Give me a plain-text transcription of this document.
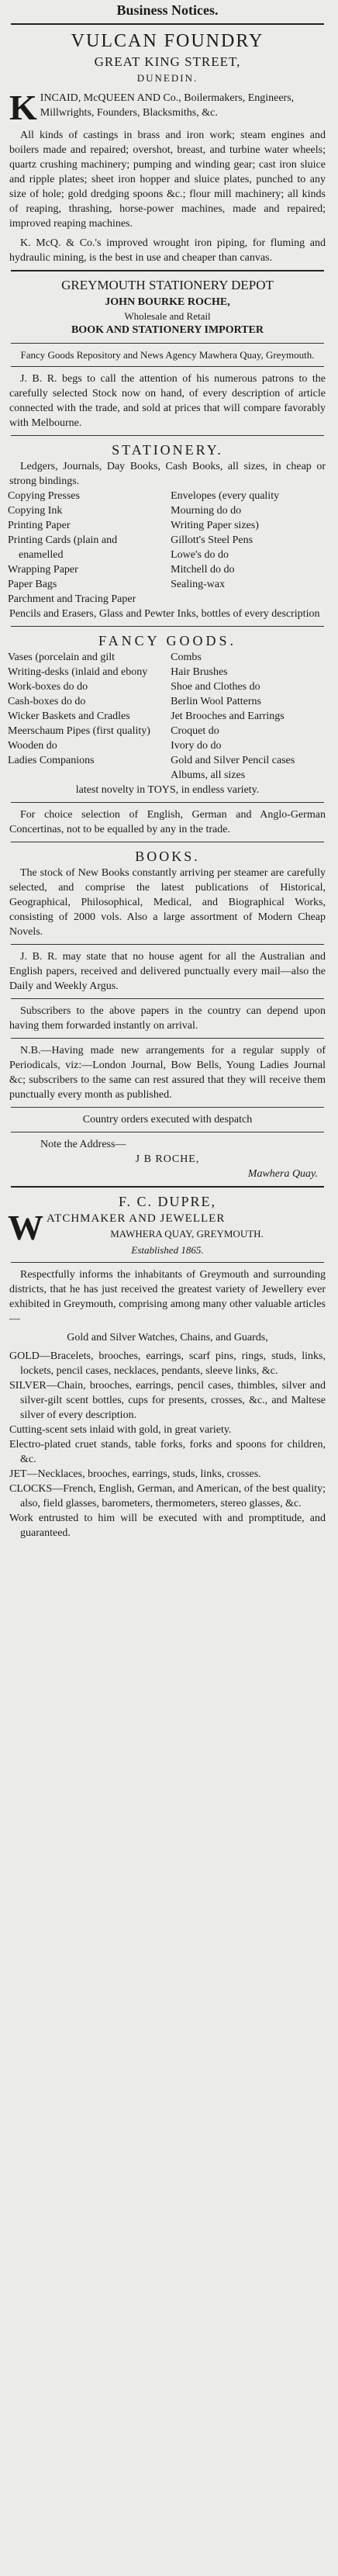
Business Notices.
VULCAN FOUNDRY
GREAT KING STREET,
DUNEDIN.
K INCAID, McQUEEN AND Co., Boilermakers, Engineers, Millwrights, Founders, Blacksmiths, &c.
All kinds of castings in brass and iron work; steam engines and boilers made and repaired; overshot, breast, and turbine water wheels; quartz crushing machinery; pumping and winding gear; cast iron sluice and ripple plates; sheet iron hopper and sluice plates, punched to any size of hole; gold dredging spoons &c.; flour mill machinery; all kinds of reaping, thrashing, horse-power machines, made and repaired; improved reaping machines.
K. McQ. & Co.'s improved wrought iron piping, for fluming and hydraulic mining, is the best in use and cheaper than canvas.
GREYMOUTH STATIONERY DEPOT
JOHN BOURKE ROCHE,
Wholesale and Retail
BOOK AND STATIONERY IMPORTER
Fancy Goods Repository and News Agency Mawhera Quay, Greymouth.
J. B. R. begs to call the attention of his numerous patrons to the carefully selected Stock now on hand, of every description of article connected with the trade, and sold at prices that will compare favorably with Melbourne.
STATIONERY.
Ledgers, Journals, Day Books, Cash Books, all sizes, in cheap or strong bindings.
Copying Presses
Copying Ink
Printing Paper
Printing Cards (plain and enamelled
Wrapping Paper
Paper Bags
Parchment and Tracing Paper
Envelopes (every quality
Mourning do do
Writing Paper sizes)
Gillott's Steel Pens
Lowe's do do
Mitchell do do
Sealing-wax
Pencils and Erasers, Glass and Pewter Inks, bottles of every description
FANCY GOODS.
Vases (porcelain and gilt
Writing-desks (inlaid and ebony
Work-boxes do do
Cash-boxes do do
Wicker Baskets and Cradles
Meerschaum Pipes (first quality)
Wooden do
Ladies Companions
Combs
Hair Brushes
Shoe and Clothes do
Berlin Wool Patterns
Jet Brooches and Earrings
Croquet do
Ivory do do
Gold and Silver Pencil cases
Albums, all sizes
latest novelty in TOYS, in endless variety.
For choice selection of English, German and Anglo-German Concertinas, not to be equalled by any in the trade.
BOOKS.
The stock of New Books constantly arriving per steamer are carefully selected, and comprise the latest publications of Historical, Geographical, Philosophical, Medical, and Biographical Works, consisting of 2000 vols. Also a large assortment of Modern Cheap Novels.
J. B. R. may state that no house agent for all the Australian and English papers, received and delivered punctually every mail—also the Daily and Weekly Argus.
Subscribers to the above papers in the country can depend upon having them forwarded instantly on arrival.
N.B.—Having made new arrangements for a regular supply of Periodicals, viz:—London Journal, Bow Bells, Young Ladies Journal &c; subscribers to the same can rest assured that they will receive them punctually every month as published.
Country orders executed with despatch
Note the Address—
J B ROCHE,
Mawhera Quay.
F. C. DUPRE,
W ATCHMAKER AND JEWELLER
MAWHERA QUAY, GREYMOUTH.
Established 1865.
Respectfully informs the inhabitants of Greymouth and surrounding districts, that he has just received the greatest variety of Jewellery ever exhibited in Greymouth, comprising among many other valuable articles—
Gold and Silver Watches, Chains, and Guards,
GOLD—Bracelets, brooches, earrings, scarf pins, rings, studs, links, lockets, pencil cases, necklaces, pendants, sleeve links, &c.
SILVER—Chain, brooches, earrings, pencil cases, thimbles, silver and silver-gilt scent bottles, cups for presents, crosses, &c., and Maltese silver of every description.
Cutting-scent sets inlaid with gold, in great variety.
Electro-plated cruet stands, table forks, forks and spoons for children, &c.
JET—Necklaces, brooches, earrings, studs, links, crosses.
CLOCKS—French, English, German, and American, of the best quality; also, field glasses, barometers, thermometers, stereo glasses, &c.
Work entrusted to him will be executed with and promptitude, and guaranteed.
